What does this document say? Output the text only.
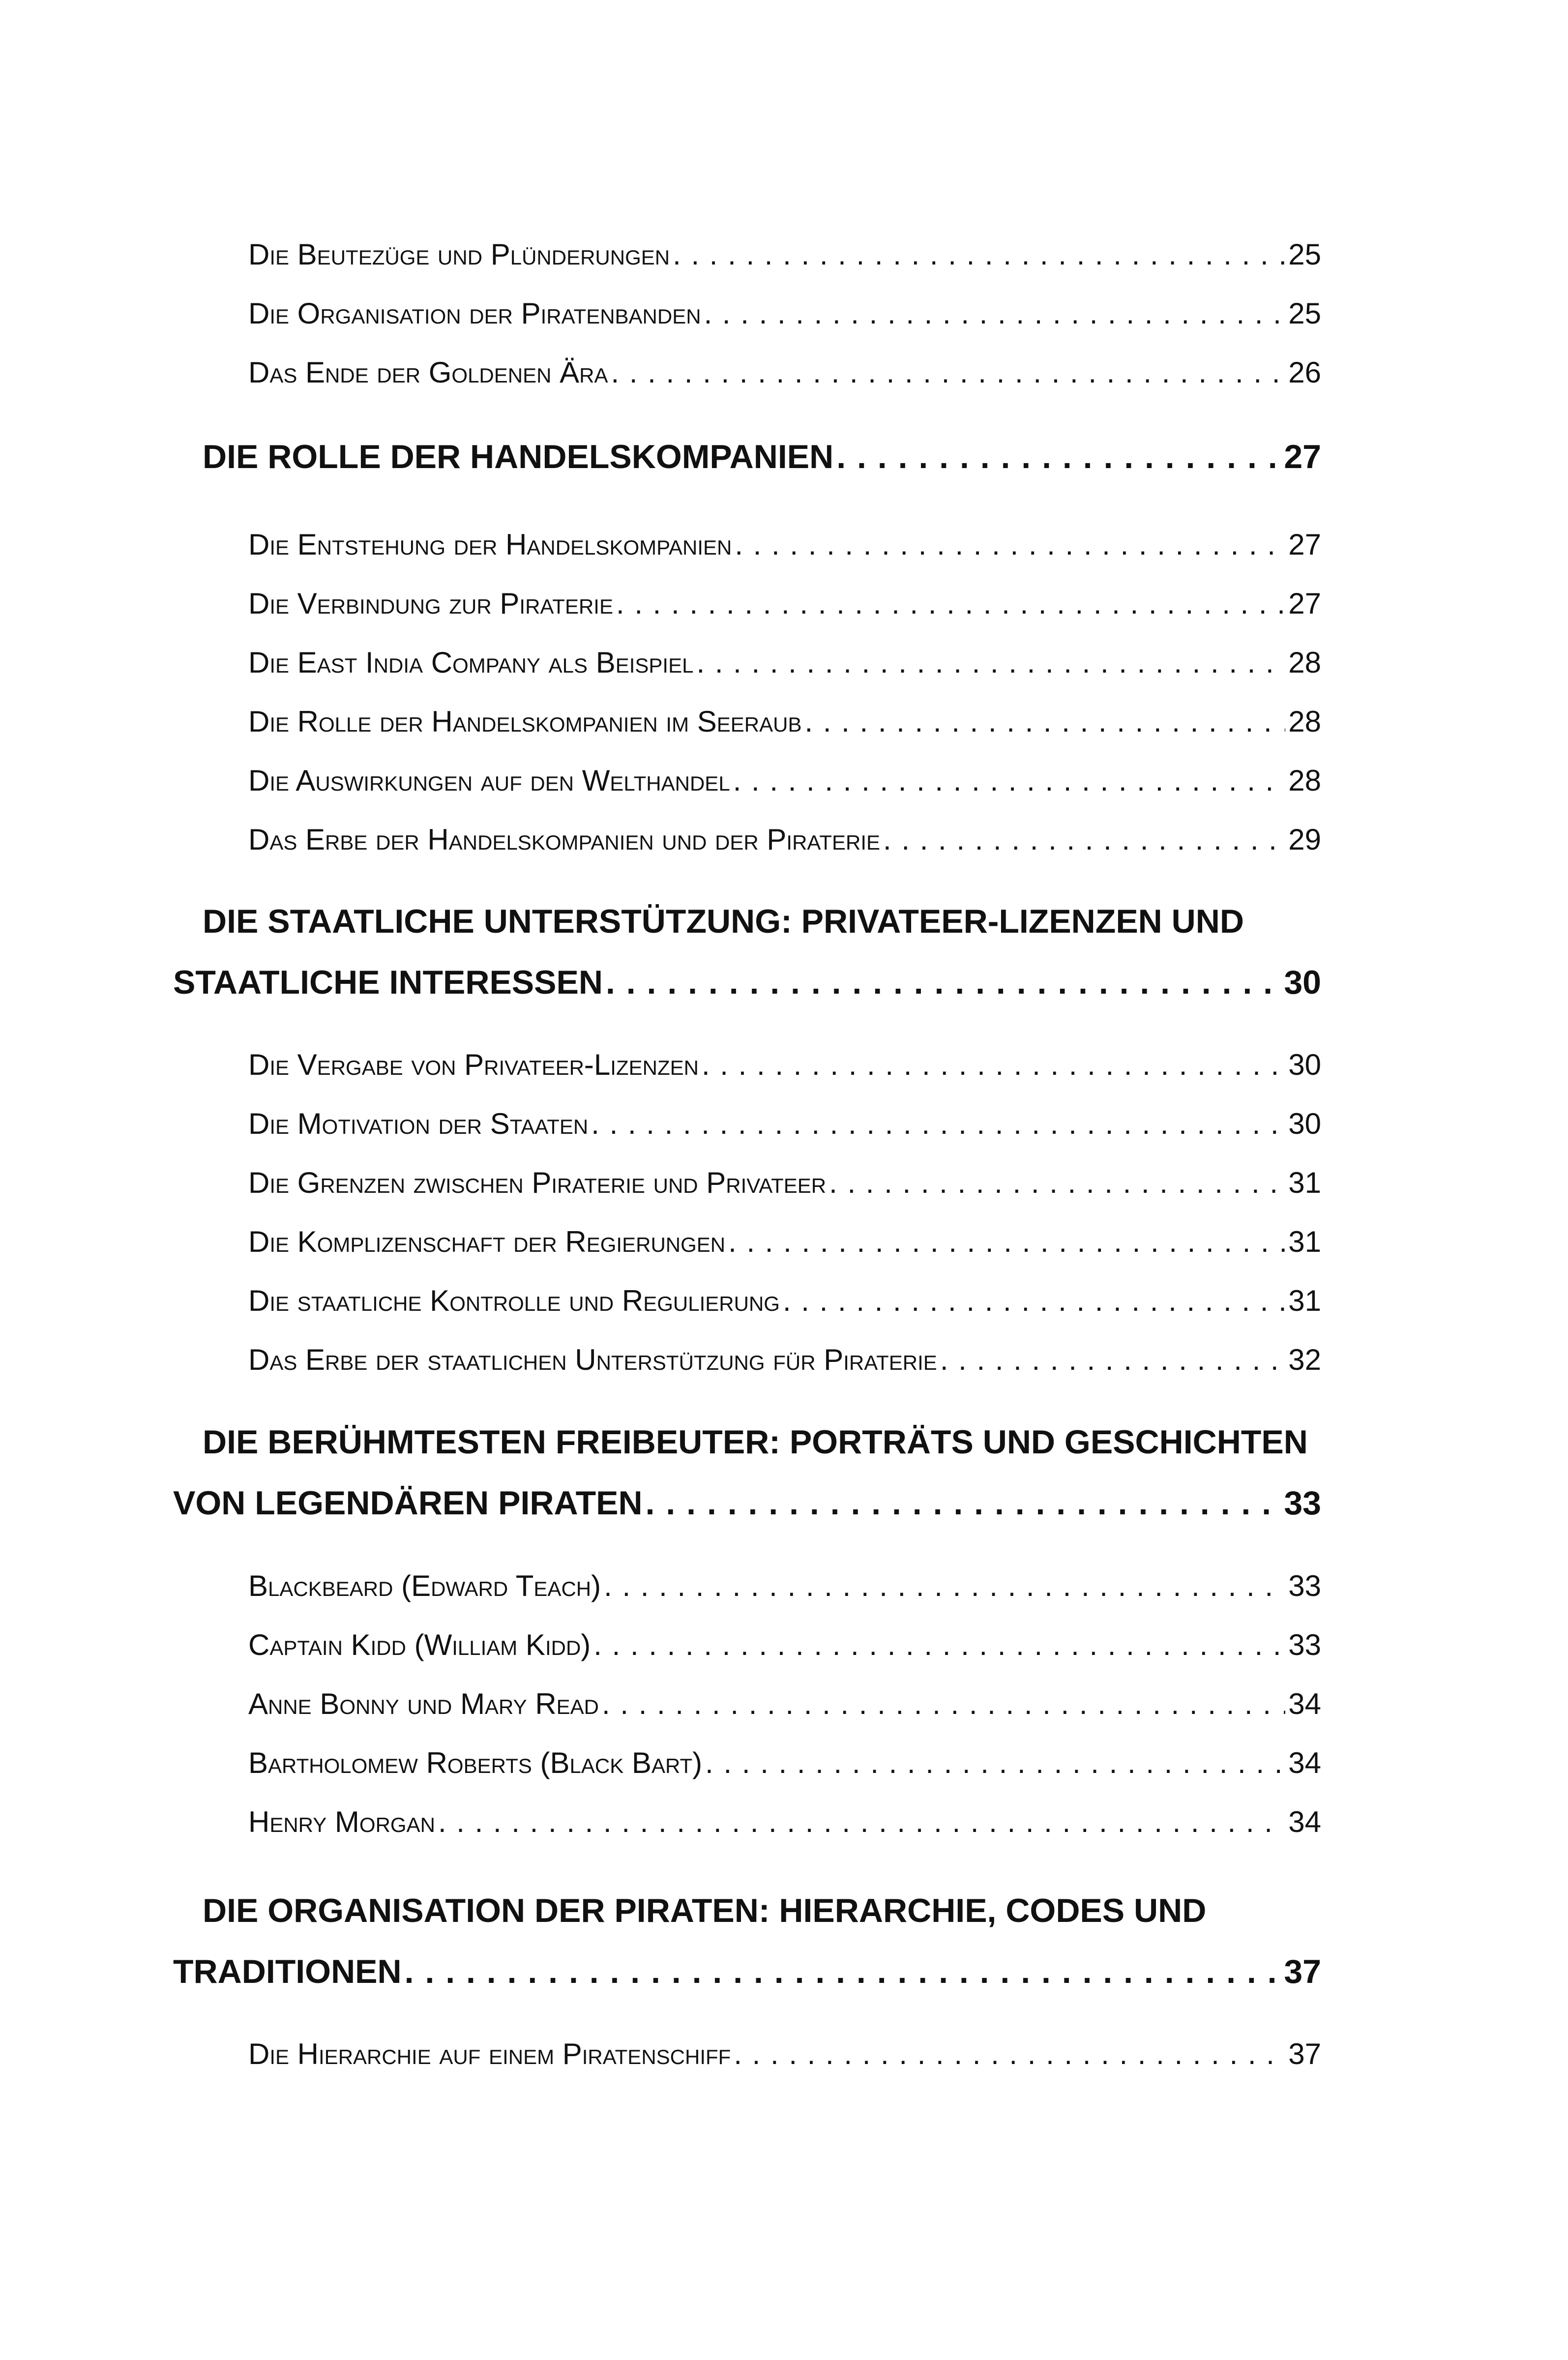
Die Beutezüge und Plünderungen . . .	25
Die Organisation der Piratenbanden . . .	25
Das Ende der Goldenen Ära . . .	26
DIE ROLLE DER HANDELSKOMPANIEN . . .	27
Die Entstehung der Handelskompanien . . .	27
Die Verbindung zur Piraterie . . .	27
Die East India Company als Beispiel . . .	28
Die Rolle der Handelskompanien im Seeraub . . .	28
Die Auswirkungen auf den Welthandel . . .	28
Das Erbe der Handelskompanien und der Piraterie . . .	29
DIE STAATLICHE UNTERSTÜTZUNG: PRIVATEER-LIZENZEN UND
STAATLICHE INTERESSEN . . .	30
Die Vergabe von Privateer-Lizenzen . . .	30
Die Motivation der Staaten . . .	30
Die Grenzen zwischen Piraterie und Privateer . . .	31
Die Komplizenschaft der Regierungen . . .	31
Die staatliche Kontrolle und Regulierung . . .	31
Das Erbe der staatlichen Unterstützung für Piraterie . . .	32
DIE BERÜHMTESTEN FREIBEUTER: PORTRÄTS UND GESCHICHTEN
VON LEGENDÄREN PIRATEN . . .	33
Blackbeard (Edward Teach) . . .	33
Captain Kidd (William Kidd) . . .	33
Anne Bonny und Mary Read . . .	34
Bartholomew Roberts (Black Bart) . . .	34
Henry Morgan . . .	34
DIE ORGANISATION DER PIRATEN: HIERARCHIE, CODES UND
TRADITIONEN . . .	37
Die Hierarchie auf einem Piratenschiff . . .	37
